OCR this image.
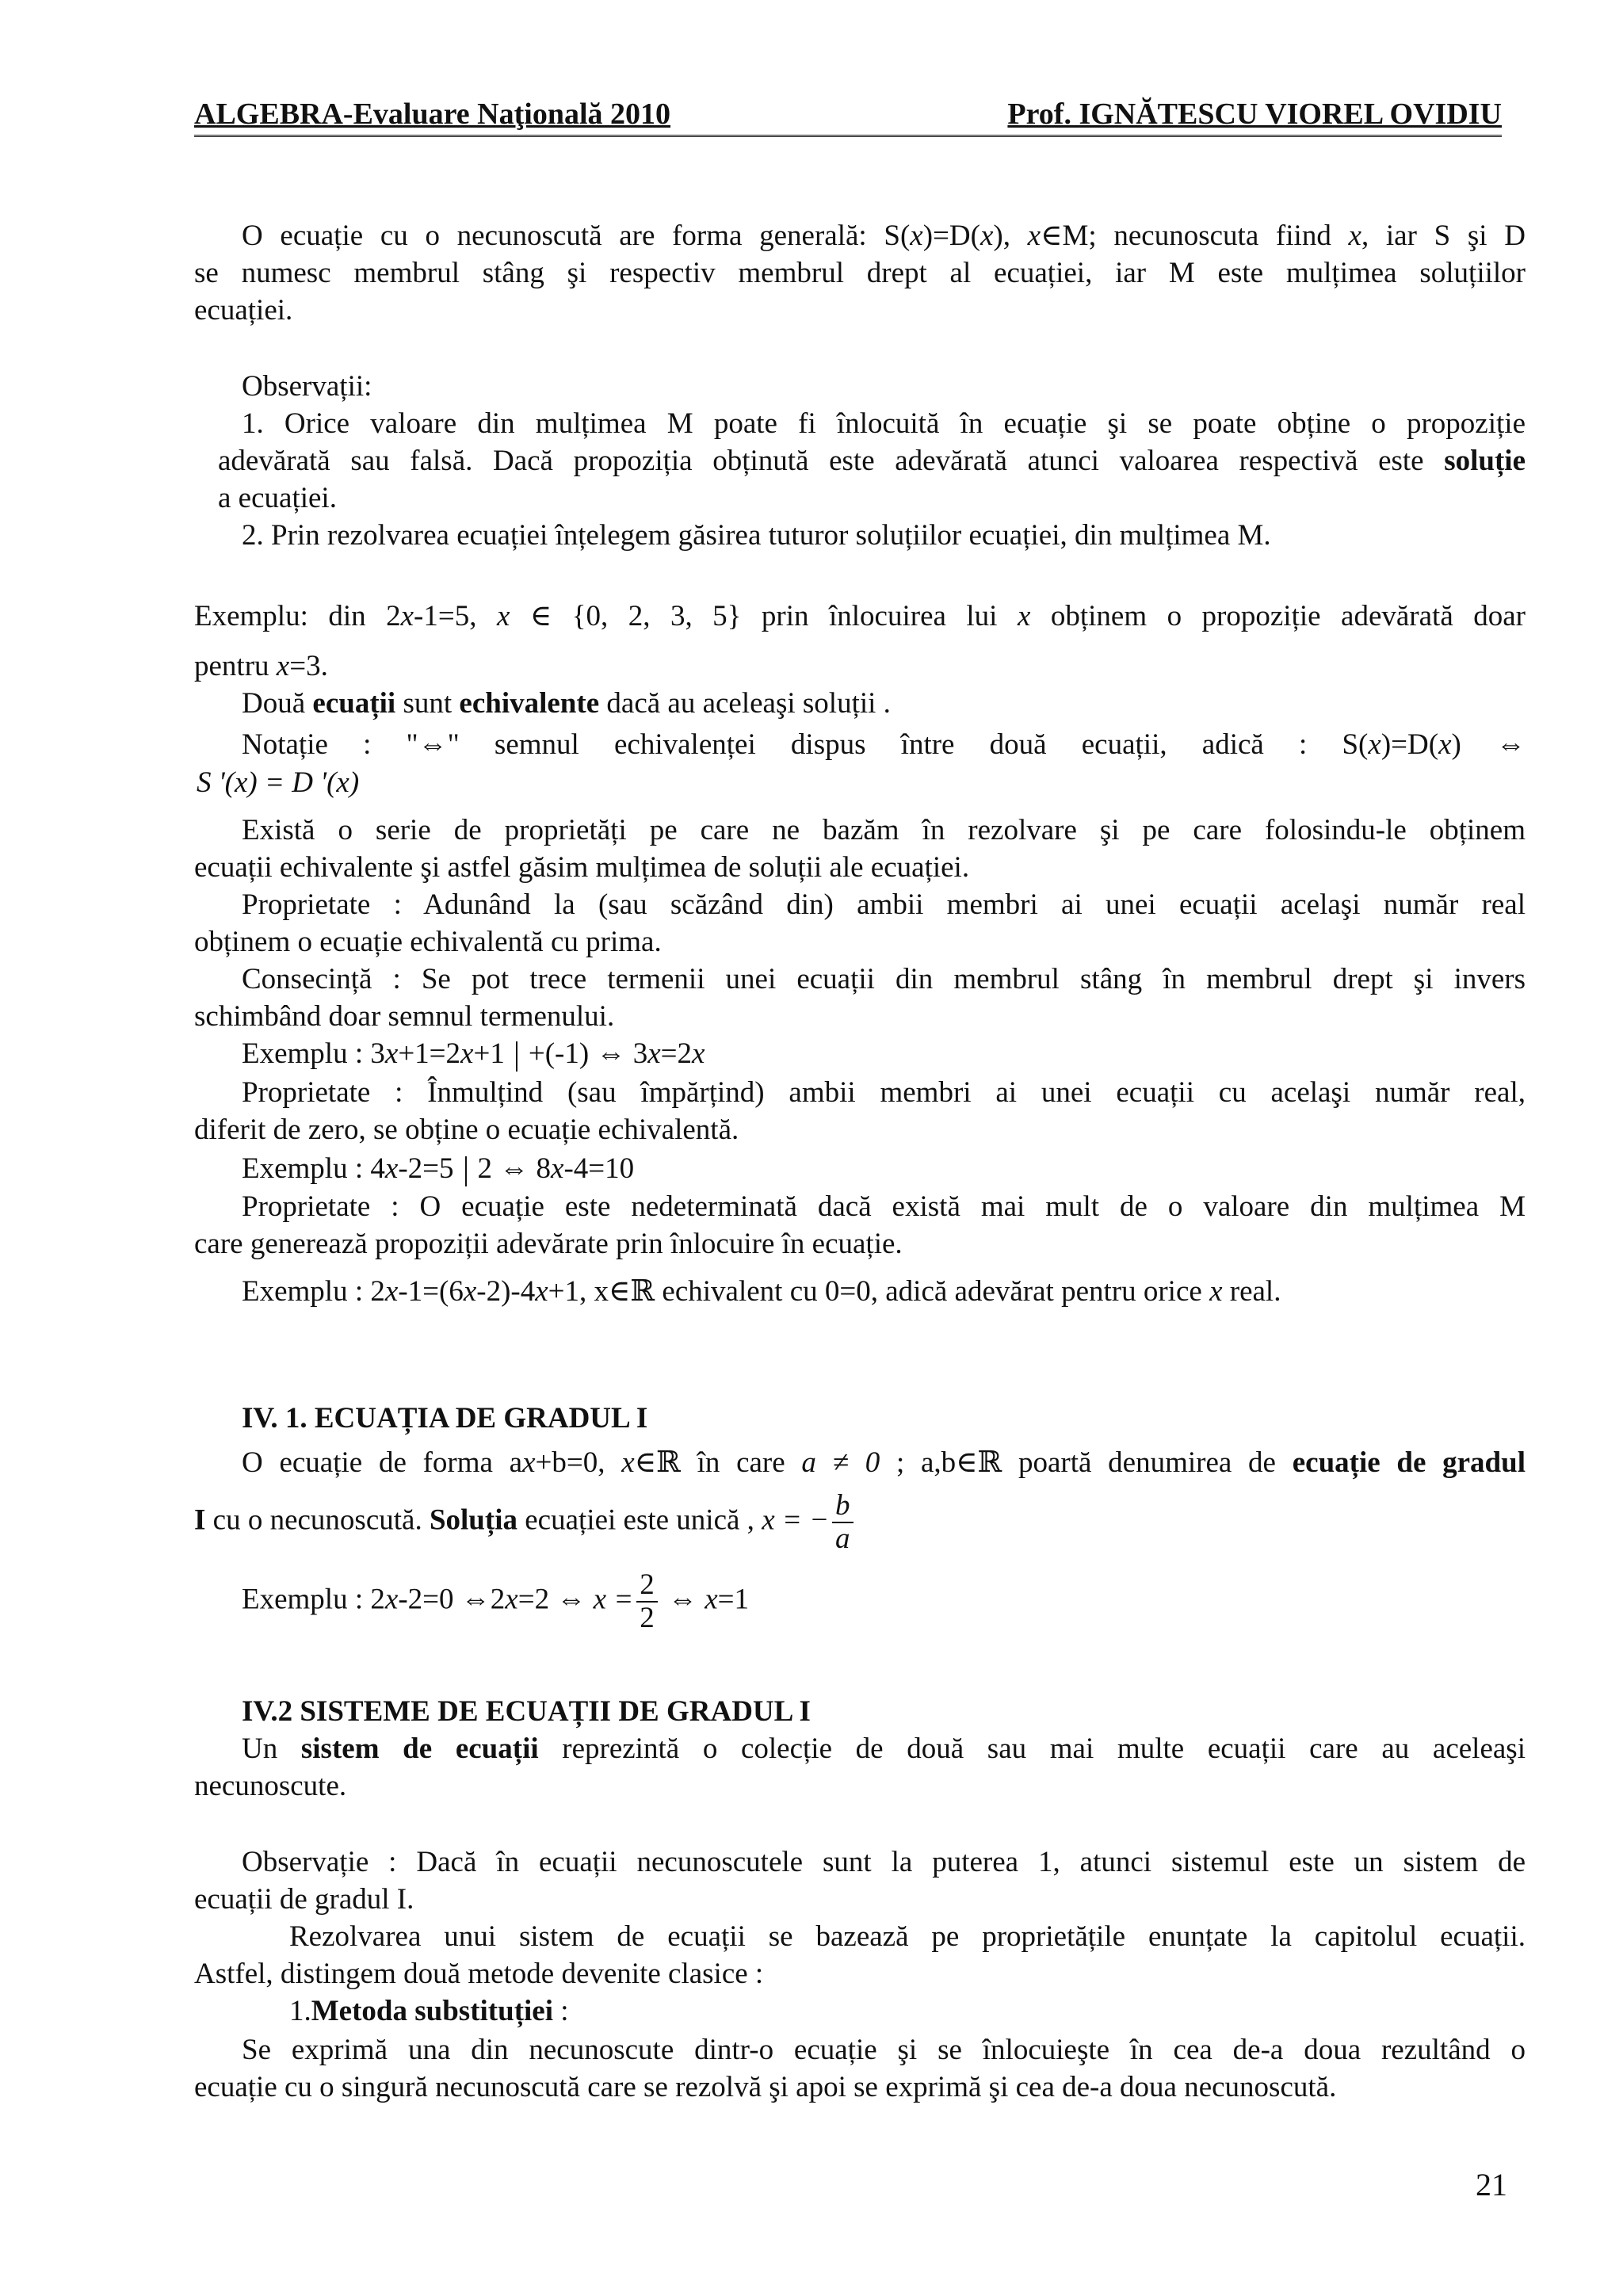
ALGEBRA-Evaluare Naţională 2010	Prof. IGNĂTESCU VIOREL OVIDIU
O ecuație cu o necunoscută are forma generală: S(x)=D(x), x∈M; necunoscuta fiind x, iar S şi D
se numesc membrul stâng şi respectiv membrul drept al ecuației, iar M este mulțimea soluțiilor
ecuației.
Observații:
1. Orice valoare din mulțimea M poate fi înlocuită în ecuație şi se poate obține o propoziție
adevărată sau falsă. Dacă propoziția obținută este adevărată atunci valoarea respectivă este soluție
a ecuației.
2. Prin rezolvarea ecuației înțelegem găsirea tuturor soluțiilor ecuației, din mulțimea M.
Exemplu: din 2x-1=5, x ∈ {0, 2, 3, 5} prin înlocuirea lui x obținem o propoziție adevărată doar
pentru x=3.
Două ecuații sunt echivalente dacă au aceleaşi soluții .
Notație : "⇔" semnul echivalenței dispus între două ecuații, adică : S(x)=D(x) ⇔
S '(x) = D '(x)
Există o serie de proprietăți pe care ne bazăm în rezolvare şi pe care folosindu-le obținem
ecuații echivalente şi astfel găsim mulțimea de soluții ale ecuației.
Proprietate : Adunând la (sau scăzând din) ambii membri ai unei ecuații acelaşi număr real
obținem o ecuație echivalentă cu prima.
Consecință : Se pot trece termenii unei ecuații din membrul stâng în membrul drept şi invers
schimbând doar semnul termenului.
Exemplu : 3x+1=2x+1 +(-1) ⇔ 3x=2x
Proprietate : Înmulțind (sau împărțind) ambii membri ai unei ecuații cu acelaşi număr real,
diferit de zero, se obține o ecuație echivalentă.
Exemplu : 4x-2=5 2 ⇔ 8x-4=10
Proprietate : O ecuație este nedeterminată dacă există mai mult de o valoare din mulțimea M
care generează propoziții adevărate prin înlocuire în ecuație.
Exemplu : 2x-1=(6x-2)-4x+1, x∈ℝ echivalent cu 0=0, adică adevărat pentru orice x real.
IV. 1. ECUAȚIA DE GRADUL I
O ecuație de forma ax+b=0, x∈ℝ în care a ≠ 0 ; a,b∈ℝ poartă denumirea de ecuație de gradul
I cu o necunoscută. Soluția ecuației este unică , x = − $\frac{b}{a}$
Exemplu : 2x-2=0 ⇔2x=2 ⇔ $x = \frac{2}{2}$ ⇔ x=1
IV.2 SISTEME DE ECUAȚII DE GRADUL I
Un sistem de ecuații reprezintă o colecție de două sau mai multe ecuații care au aceleaşi
necunoscute.
Observație : Dacă în ecuații necunoscutele sunt la puterea 1, atunci sistemul este un sistem de
ecuații de gradul I.
Rezolvarea unui sistem de ecuații se bazează pe proprietățile enunțate la capitolul ecuații.
Astfel, distingem două metode devenite clasice :
1.Metoda substituției :
Se exprimă una din necunoscute dintr-o ecuație şi se înlocuieşte în cea de-a doua rezultând o
ecuație cu o singură necunoscută care se rezolvă şi apoi se exprimă şi cea de-a doua necunoscută.
21
